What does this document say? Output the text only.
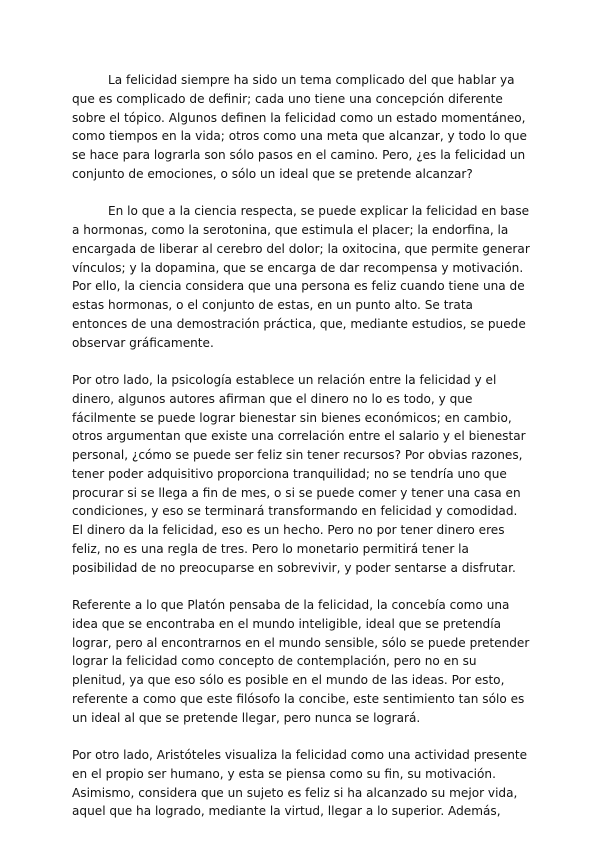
La felicidad siempre ha sido un tema complicado del que hablar ya que es complicado de definir; cada uno tiene una concepción diferente sobre el tópico. Algunos definen la felicidad como un estado momentáneo, como tiempos en la vida; otros como una meta que alcanzar, y todo lo que se hace para lograrla son sólo pasos en el camino. Pero, ¿es la felicidad un conjunto de emociones, o sólo un ideal que se pretende alcanzar?

En lo que a la ciencia respecta, se puede explicar la felicidad en base a hormonas, como la serotonina, que estimula el placer; la endorfina, la encargada de liberar al cerebro del dolor; la oxitocina, que permite generar vínculos; y la dopamina, que se encarga de dar recompensa y motivación. Por ello, la ciencia considera que una persona es feliz cuando tiene una de estas hormonas, o el conjunto de estas, en un punto alto. Se trata entonces de una demostración práctica, que, mediante estudios, se puede observar gráficamente.

Por otro lado, la psicología establece un relación entre la felicidad y el dinero, algunos autores afirman que el dinero no lo es todo, y que fácilmente se puede lograr bienestar sin bienes económicos; en cambio, otros argumentan que existe una correlación entre el salario y el bienestar personal, ¿cómo se puede ser feliz sin tener recursos? Por obvias razones, tener poder adquisitivo proporciona tranquilidad; no se tendría uno que procurar si se llega a fin de mes, o si se puede comer y tener una casa en condiciones, y eso se terminará transformando en felicidad y comodidad. El dinero da la felicidad, eso es un hecho. Pero no por tener dinero eres feliz, no es una regla de tres. Pero lo monetario permitirá tener la posibilidad de no preocuparse en sobrevivir, y poder sentarse a disfrutar.

Referente a lo que Platón pensaba de la felicidad, la concebía como una idea que se encontraba en el mundo inteligible, ideal que se pretendía lograr, pero al encontrarnos en el mundo sensible, sólo se puede pretender lograr la felicidad como concepto de contemplación, pero no en su plenitud, ya que eso sólo es posible en el mundo de las ideas. Por esto, referente a como que este filósofo la concibe, este sentimiento tan sólo es un ideal al que se pretende llegar, pero nunca se logrará.

Por otro lado, Aristóteles visualiza la felicidad como una actividad presente en el propio ser humano, y esta se piensa como su fin, su motivación. Asimismo, considera que un sujeto es feliz si ha alcanzado su mejor vida, aquel que ha logrado, mediante la virtud, llegar a lo superior. Además,
